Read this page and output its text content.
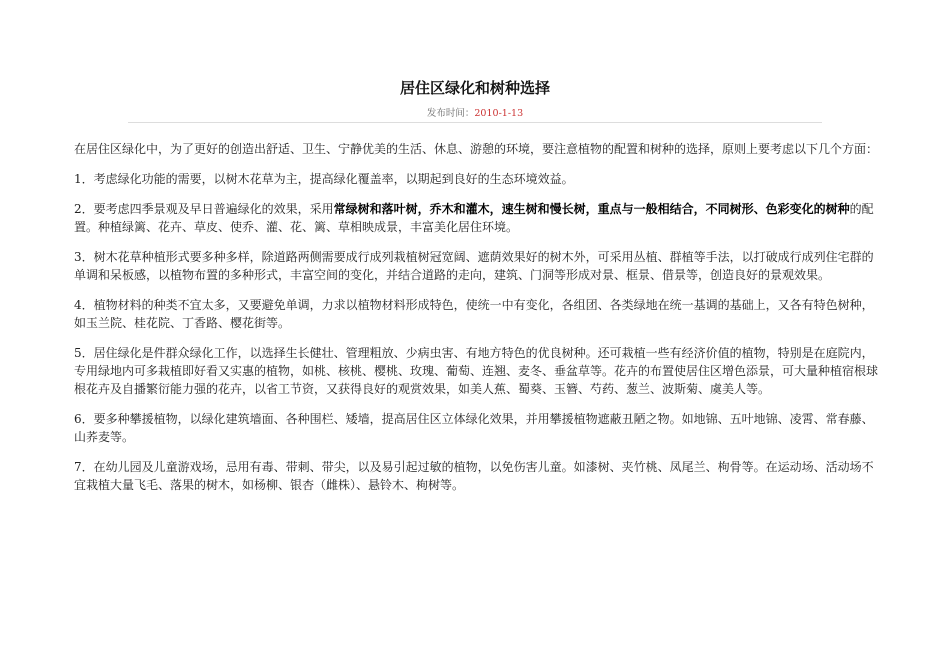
居住区绿化和树种选择
发布时间：2010-1-13

在居住区绿化中，为了更好的创造出舒适、卫生、宁静优美的生活、休息、游憩的环境，要注意植物的配置和树种的选择，原则上要考虑以下几个方面：

1．考虑绿化功能的需要，以树木花草为主，提高绿化覆盖率，以期起到良好的生态环境效益。

2．要考虑四季景观及早日普遍绿化的效果，采用常绿树和落叶树，乔木和灌木，速生树和慢长树，重点与一般相结合，不同树形、色彩变化的树种的配置。种植绿篱、花卉、草皮、使乔、灌、花、篱、草相映成景，丰富美化居住环境。

3．树木花草种植形式要多种多样，除道路两侧需要成行成列栽植树冠宽阔、遮荫效果好的树木外，可采用丛植、群植等手法，以打破成行成列住宅群的单调和呆板感，以植物布置的多种形式，丰富空间的变化，并结合道路的走向，建筑、门洞等形成对景、框景、借景等，创造良好的景观效果。

4．植物材料的种类不宜太多，又要避免单调，力求以植物材料形成特色，使统一中有变化，各组团、各类绿地在统一基调的基础上，又各有特色树种，如玉兰院、桂花院、丁香路、樱花街等。

5．居住绿化是件群众绿化工作，以选择生长健壮、管理粗放、少病虫害、有地方特色的优良树种。还可栽植一些有经济价值的植物，特别是在庭院内，专用绿地内可多栽植即好看又实惠的植物，如桃、核桃、樱桃、玫瑰、葡萄、连翘、麦冬、垂盆草等。花卉的布置使居住区增色添景，可大量种植宿根球根花卉及自播繁衍能力强的花卉，以省工节资，又获得良好的观赏效果，如美人蕉、蜀葵、玉簪、芍药、葱兰、波斯菊、虞美人等。

6．要多种攀援植物，以绿化建筑墙面、各种围栏、矮墙，提高居住区立体绿化效果，并用攀援植物遮蔽丑陋之物。如地锦、五叶地锦、凌霄、常春藤、山荞麦等。

7．在幼儿园及儿童游戏场，忌用有毒、带刺、带尖，以及易引起过敏的植物，以免伤害儿童。如漆树、夹竹桃、凤尾兰、枸骨等。在运动场、活动场不宜栽植大量飞毛、落果的树木，如杨柳、银杏（雌株）、悬铃木、枸树等。
